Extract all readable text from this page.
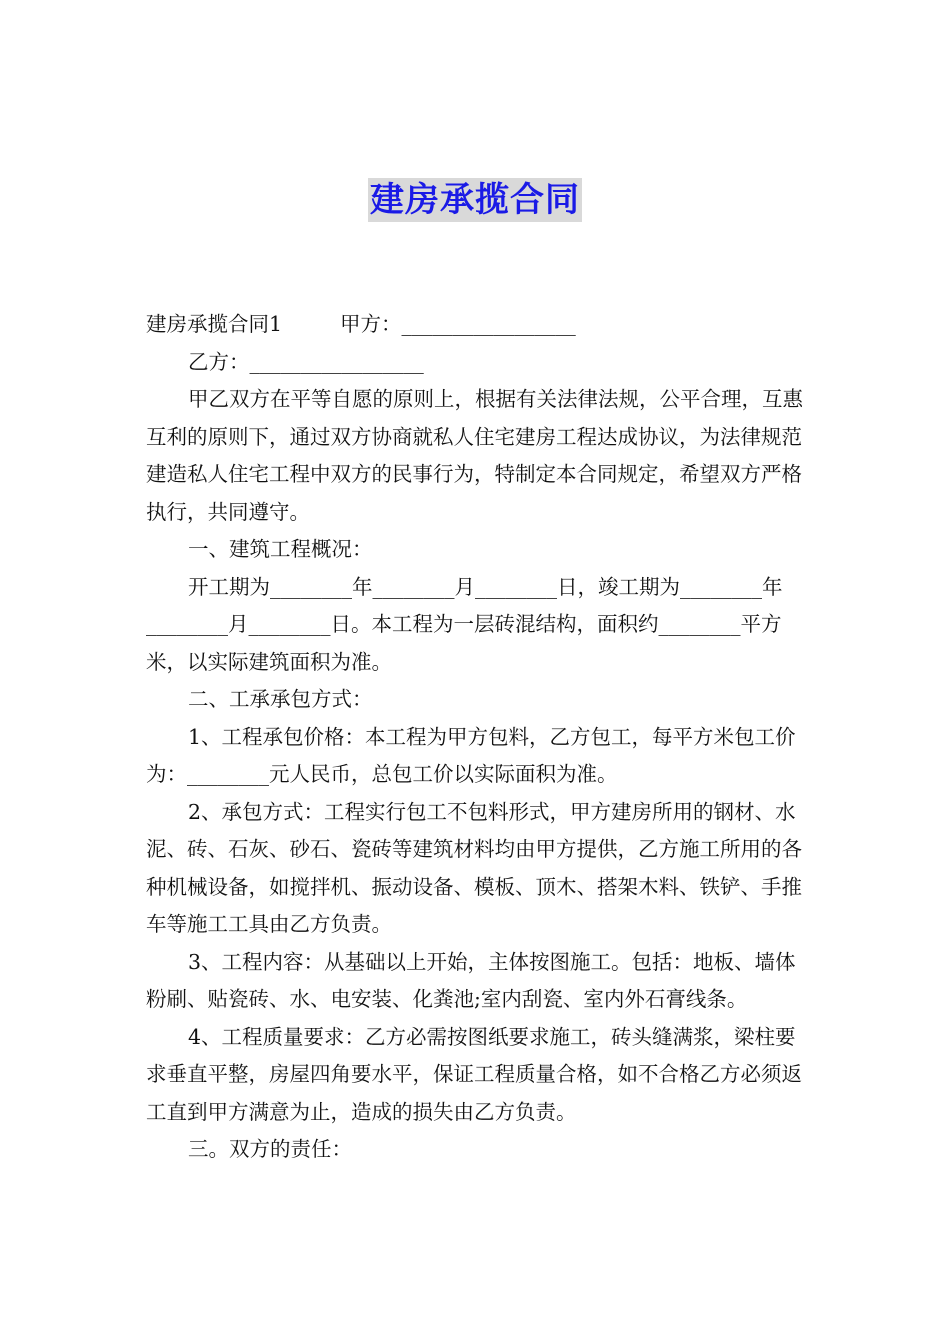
建房承揽合同

建房承揽合同1	甲方：_________________

乙方：_________________

甲乙双方在平等自愿的原则上，根据有关法律法规，公平合理，互惠互利的原则下，通过双方协商就私人住宅建房工程达成协议，为法律规范建造私人住宅工程中双方的民事行为，特制定本合同规定，希望双方严格执行，共同遵守。

一、建筑工程概况：

开工期为________年________月________日，竣工期为________年________月________日。本工程为一层砖混结构，面积约________平方米，以实际建筑面积为准。

二、工承承包方式：

1、工程承包价格：本工程为甲方包料，乙方包工，每平方米包工价为：________元人民币，总包工价以实际面积为准。

2、承包方式：工程实行包工不包料形式，甲方建房所用的钢材、水泥、砖、石灰、砂石、瓷砖等建筑材料均由甲方提供，乙方施工所用的各种机械设备，如搅拌机、振动设备、模板、顶木、搭架木料、铁铲、手推车等施工工具由乙方负责。

3、工程内容：从基础以上开始，主体按图施工。包括：地板、墙体粉刷、贴瓷砖、水、电安装、化粪池;室内刮瓷、室内外石膏线条。

4、工程质量要求：乙方必需按图纸要求施工，砖头缝满浆，梁柱要求垂直平整，房屋四角要水平，保证工程质量合格，如不合格乙方必须返工直到甲方满意为止，造成的损失由乙方负责。

三。双方的责任：
